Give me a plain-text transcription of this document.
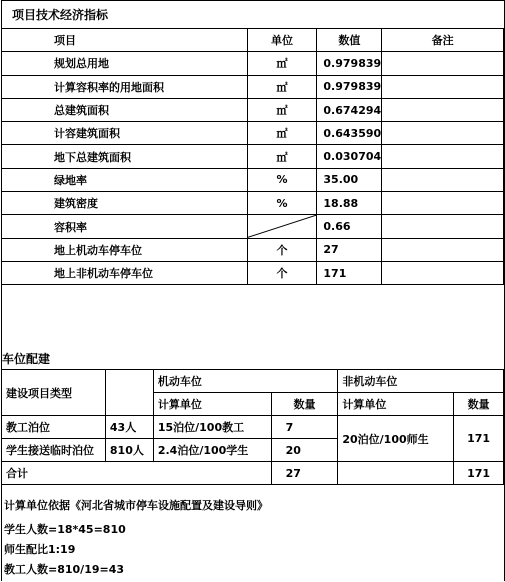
项目技术经济指标
项目	单位	数值	备注
规划总用地	㎡	0.979839	
计算容积率的用地面积	㎡	0.979839	
总建筑面积	㎡	0.674294	
计容建筑面积	㎡	0.643590	
地下总建筑面积	㎡	0.030704	
绿地率	%	35.00	
建筑密度	%	18.88	
容积率		0.66	
地上机动车停车位	个	27	
地上非机动车停车位	个	171	
车位配建
建设项目类型		机动车位		非机动车位	
		计算单位	数量	计算单位	数量
教工泊位	43人	15泊位/100教工	7	20泊位/100师生	171
学生接送临时泊位	810人	2.4泊位/100学生	20		
合计			27		171
计算单位依据《河北省城市停车设施配置及建设导则》
学生人数=18*45=810
师生配比1:19
教工人数=810/19=43
